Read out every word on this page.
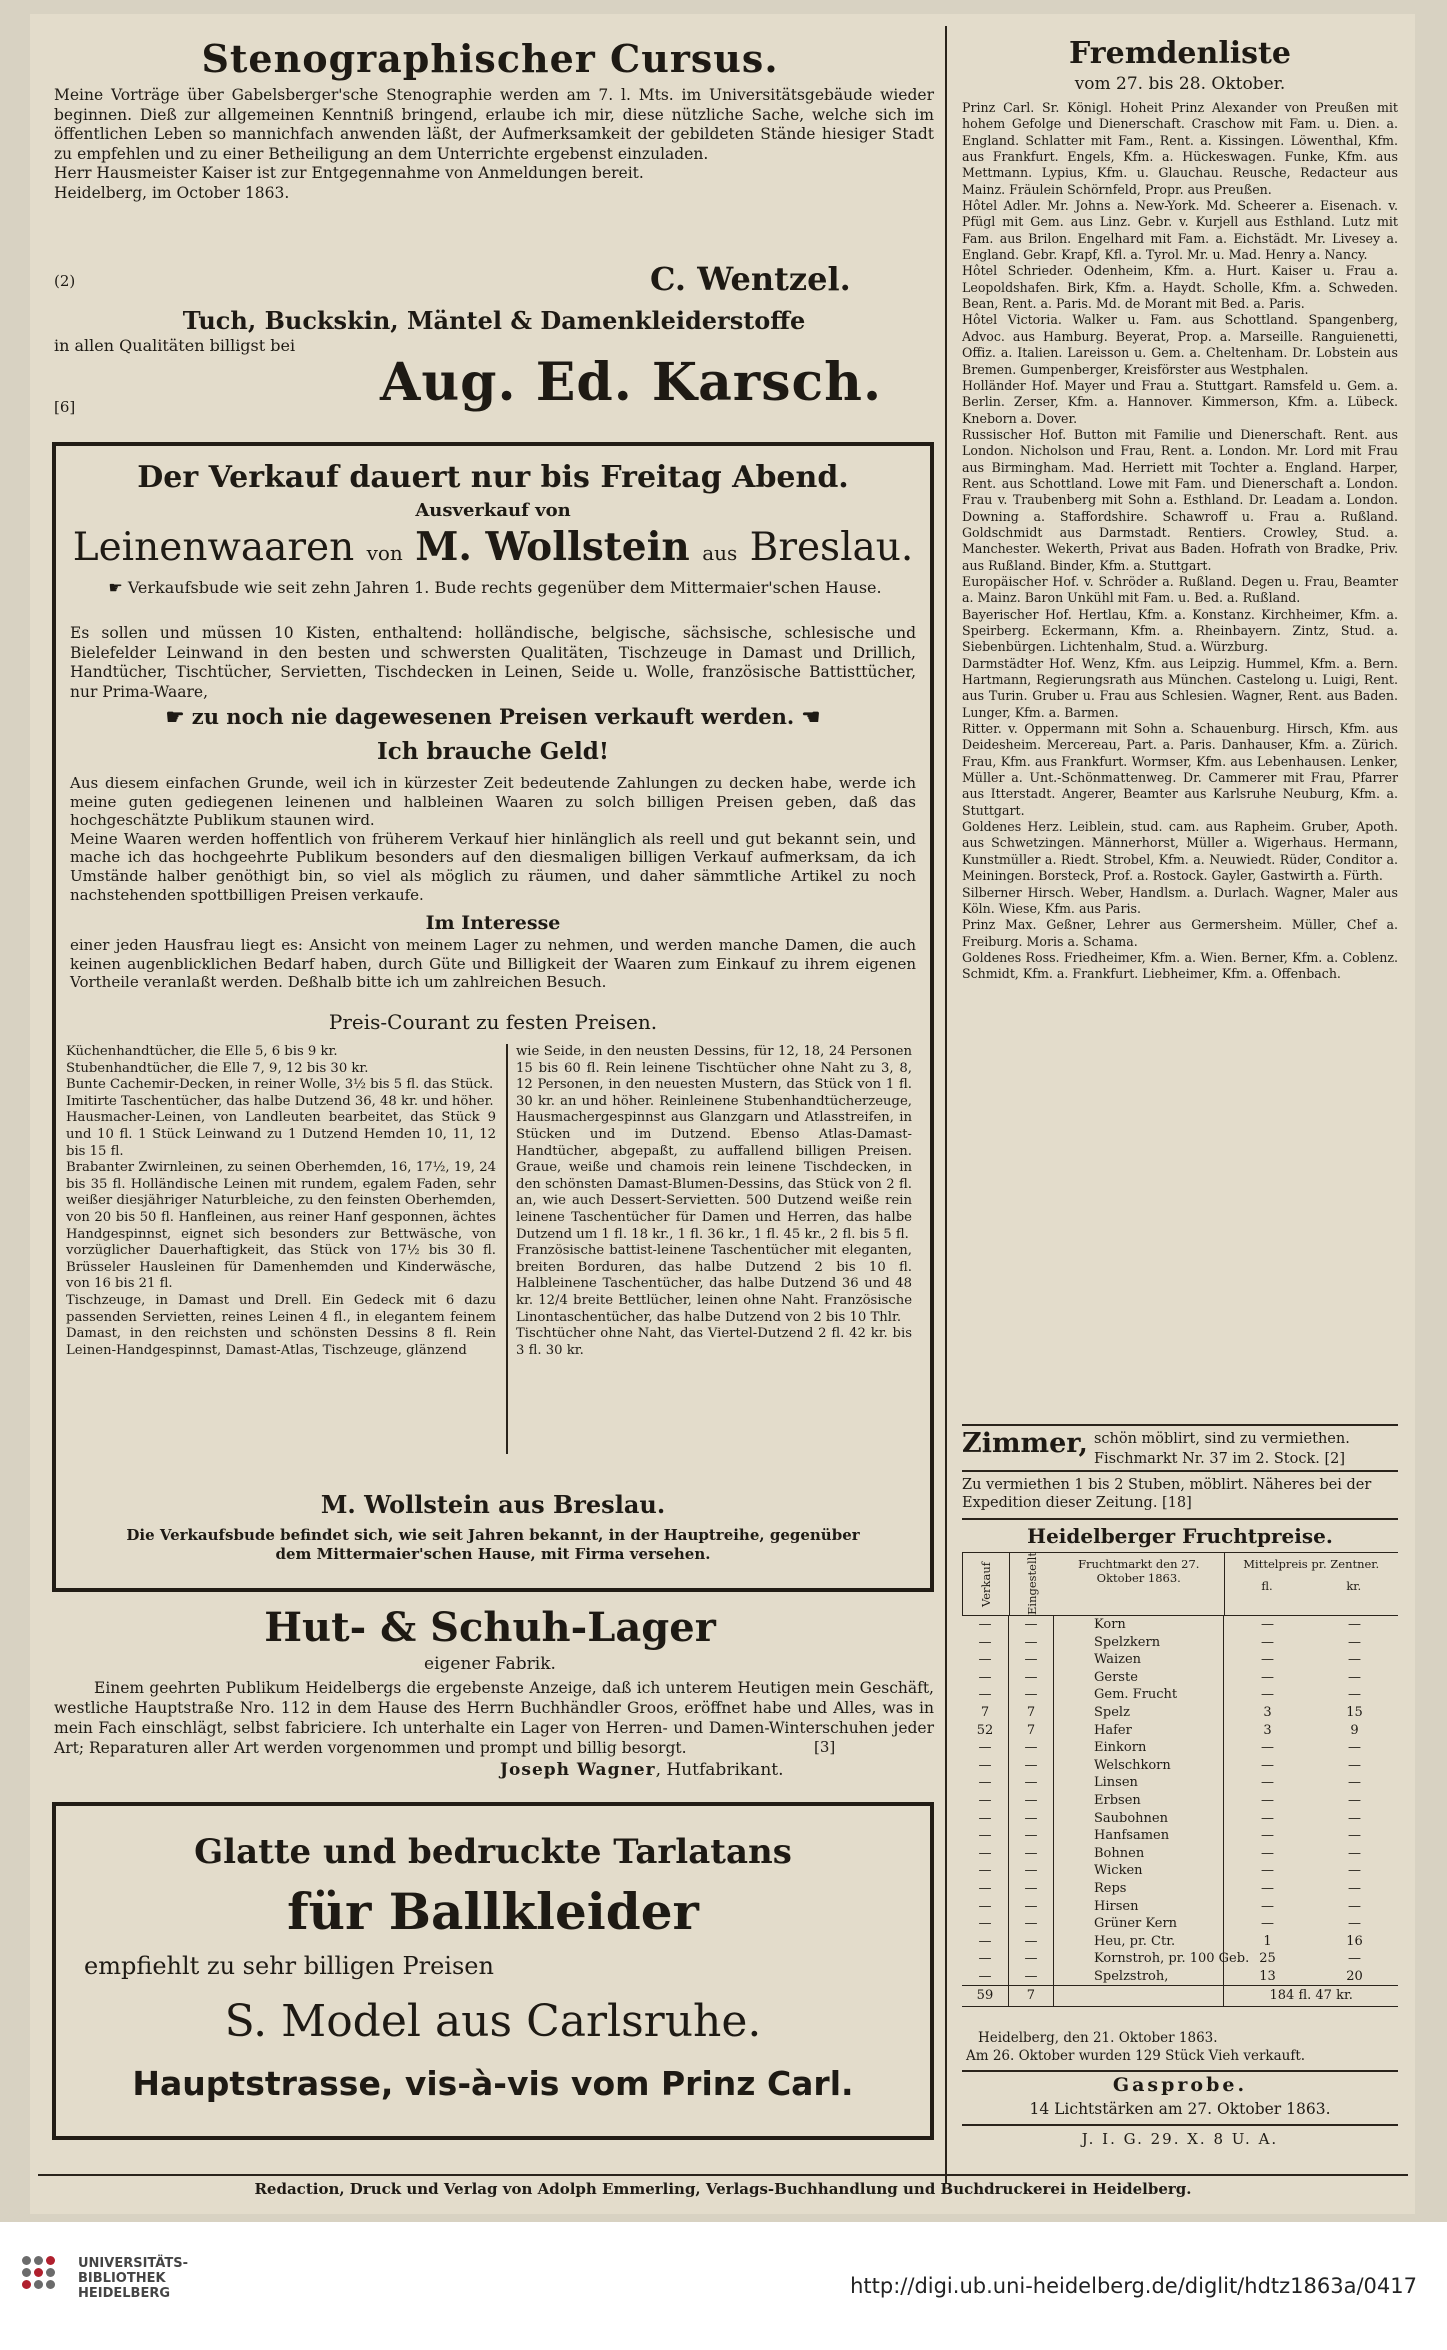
Stenographischer Cursus.

Meine Vorträge über Gabelsberger'sche Stenographie werden am 7. l. Mts. im Universitätsgebäude wieder beginnen. Dieß zur allgemeinen Kenntniß bringend, erlaube ich mir, diese nützliche Sache, welche sich im öffentlichen Leben so mannichfach anwenden läßt, der Aufmerksamkeit der gebildeten Stände hiesiger Stadt zu empfehlen und zu einer Betheiligung an dem Unterrichte ergebenst einzuladen.
Herr Hausmeister Kaiser ist zur Entgegennahme von Anmeldungen bereit.
Heidelberg, im October 1863.

(2)	C. Wentzel.
Tuch, Buckskin, Mäntel & Damenkleiderstoffe
in allen Qualitäten billigst bei
[6]	Aug. Ed. Karsch.
Der Verkauf dauert nur bis Freitag Abend.
Ausverkauf von
Leinenwaaren von M. Wollstein aus Breslau.

☛ Verkaufsbude wie seit zehn Jahren 1. Bude rechts gegenüber dem Mittermaier'schen Hause.

Es sollen und müssen 10 Kisten, enthaltend: holländische, belgische, sächsische, schlesische und Bielefelder Leinwand in den besten und schwersten Qualitäten, Tischzeuge in Damast und Drillich, Handtücher, Tischtücher, Servietten, Tischdecken in Leinen, Seide u. Wolle, französische Battisttücher, nur Prima-Waare,

☛ zu noch nie dagewesenen Preisen verkauft werden. ☚
Ich brauche Geld!

Aus diesem einfachen Grunde, weil ich in kürzester Zeit bedeutende Zahlungen zu decken habe, werde ich meine guten gediegenen leinenen und halbleinen Waaren zu solch billigen Preisen geben, daß das hochgeschätzte Publikum staunen wird.
Meine Waaren werden hoffentlich von früherem Verkauf hier hinlänglich als reell und gut bekannt sein, und mache ich das hochgeehrte Publikum besonders auf den diesmaligen billigen Verkauf aufmerksam, da ich Umstände halber genöthigt bin, so viel als möglich zu räumen, und daher sämmtliche Artikel zu noch nachstehenden spottbilligen Preisen verkaufe.

Im Interesse

einer jeden Hausfrau liegt es: Ansicht von meinem Lager zu nehmen, und werden manche Damen, die auch keinen augenblicklichen Bedarf haben, durch Güte und Billigkeit der Waaren zum Einkauf zu ihrem eigenen Vortheile veranlaßt werden. Deßhalb bitte ich um zahlreichen Besuch.

Preis-Courant zu festen Preisen.

Küchenhandtücher, die Elle 5, 6 bis 9 kr.
Stubenhandtücher, die Elle 7, 9, 12 bis 30 kr.
Bunte Cachemir-Decken, in reiner Wolle, 3½ bis 5 fl. das Stück.
Imitirte Taschentücher, das halbe Dutzend 36, 48 kr. und höher.
Hausmacher-Leinen, von Landleuten bearbeitet, das Stück 9 und 10 fl. 1 Stück Leinwand zu 1 Dutzend Hemden 10, 11, 12 bis 15 fl.
Brabanter Zwirnleinen, zu seinen Oberhemden, 16, 17½, 19, 24 bis 35 fl. Holländische Leinen mit rundem, egalem Faden, sehr weißer diesjähriger Naturbleiche, zu den feinsten Oberhemden, von 20 bis 50 fl. Hanfleinen, aus reiner Hanf gesponnen, ächtes Handgespinnst, eignet sich besonders zur Bettwäsche, von vorzüglicher Dauerhaftigkeit, das Stück von 17½ bis 30 fl. Brüsseler Hausleinen für Damenhemden und Kinderwäsche, von 16 bis 21 fl.
Tischzeuge, in Damast und Drell. Ein Gedeck mit 6 dazu passenden Servietten, reines Leinen 4 fl., in elegantem feinem Damast, in den reichsten und schönsten Dessins 8 fl. Rein Leinen-Handgespinnst, Damast-Atlas, Tischzeuge, glänzend

wie Seide, in den neusten Dessins, für 12, 18, 24 Personen 15 bis 60 fl. Rein leinene Tischtücher ohne Naht zu 3, 8, 12 Personen, in den neuesten Mustern, das Stück von 1 fl. 30 kr. an und höher. Reinleinene Stubenhandtücherzeuge, Hausmachergespinnst aus Glanzgarn und Atlasstreifen, in Stücken und im Dutzend. Ebenso Atlas-Damast-Handtücher, abgepaßt, zu auffallend billigen Preisen. Graue, weiße und chamois rein leinene Tischdecken, in den schönsten Damast-Blumen-Dessins, das Stück von 2 fl. an, wie auch Dessert-Servietten. 500 Dutzend weiße rein leinene Taschentücher für Damen und Herren, das halbe Dutzend um 1 fl. 18 kr., 1 fl. 36 kr., 1 fl. 45 kr., 2 fl. bis 5 fl.
Französische battist-leinene Taschentücher mit eleganten, breiten Borduren, das halbe Dutzend 2 bis 10 fl. Halbleinene Taschentücher, das halbe Dutzend 36 und 48 kr. 12/4 breite Bettlücher, leinen ohne Naht. Französische Linontaschentücher, das halbe Dutzend von 2 bis 10 Thlr.
Tischtücher ohne Naht, das Viertel-Dutzend 2 fl. 42 kr. bis 3 fl. 30 kr.

M. Wollstein aus Breslau.

Die Verkaufsbude befindet sich, wie seit Jahren bekannt, in der Hauptreihe, gegenüber dem Mittermaier'schen Hause, mit Firma versehen.

Hut- & Schuh-Lager
eigener Fabrik.

Einem geehrten Publikum Heidelbergs die ergebenste Anzeige, daß ich unterem Heutigen mein Geschäft, westliche Hauptstraße Nro. 112 in dem Hause des Herrn Buchhändler Groos, eröffnet habe und Alles, was in mein Fach einschlägt, selbst fabriciere. Ich unterhalte ein Lager von Herren- und Damen-Winterschuhen jeder Art; Reparaturen aller Art werden vorgenommen und prompt und billig besorgt.	[3]
Joseph Wagner, Hutfabrikant.
Glatte und bedruckte Tarlatans
für Ballkleider
empfiehlt zu sehr billigen Preisen
S. Model aus Carlsruhe.
Hauptstrasse, vis-à-vis vom Prinz Carl.
Fremdenliste
vom 27. bis 28. Oktober.

Prinz Carl. Sr. Königl. Hoheit Prinz Alexander von Preußen mit hohem Gefolge und Dienerschaft. Craschow mit Fam. u. Dien. a. England. Schlatter mit Fam., Rent. a. Kissingen. Löwenthal, Kfm. aus Frankfurt. Engels, Kfm. a. Hückeswagen. Funke, Kfm. aus Mettmann. Lypius, Kfm. u. Glauchau. Reusche, Redacteur aus Mainz. Fräulein Schörnfeld, Propr. aus Preußen.
Hôtel Adler. Mr. Johns a. New-York. Md. Scheerer a. Eisenach. v. Pfügl mit Gem. aus Linz. Gebr. v. Kurjell aus Esthland. Lutz mit Fam. aus Brilon. Engelhard mit Fam. a. Eichstädt. Mr. Livesey a. England. Gebr. Krapf, Kfl. a. Tyrol. Mr. u. Mad. Henry a. Nancy.
Hôtel Schrieder. Odenheim, Kfm. a. Hurt. Kaiser u. Frau a. Leopoldshafen. Birk, Kfm. a. Haydt. Scholle, Kfm. a. Schweden. Bean, Rent. a. Paris. Md. de Morant mit Bed. a. Paris.
Hôtel Victoria. Walker u. Fam. aus Schottland. Spangenberg, Advoc. aus Hamburg. Beyerat, Prop. a. Marseille. Ranguienetti, Offiz. a. Italien. Lareisson u. Gem. a. Cheltenham. Dr. Lobstein aus Bremen. Gumpenberger, Kreisförster aus Westphalen.
Holländer Hof. Mayer und Frau a. Stuttgart. Ramsfeld u. Gem. a. Berlin. Zerser, Kfm. a. Hannover. Kimmerson, Kfm. a. Lübeck. Kneborn a. Dover.
Russischer Hof. Button mit Familie und Dienerschaft. Rent. aus London. Nicholson und Frau, Rent. a. London. Mr. Lord mit Frau aus Birmingham. Mad. Herriett mit Tochter a. England. Harper, Rent. aus Schottland. Lowe mit Fam. und Dienerschaft a. London. Frau v. Traubenberg mit Sohn a. Esthland. Dr. Leadam a. London. Downing a. Staffordshire. Schawroff u. Frau a. Rußland. Goldschmidt aus Darmstadt. Rentiers. Crowley, Stud. a. Manchester. Wekerth, Privat aus Baden. Hofrath von Bradke, Priv. aus Rußland. Binder, Kfm. a. Stuttgart.
Europäischer Hof. v. Schröder a. Rußland. Degen u. Frau, Beamter a. Mainz. Baron Unkühl mit Fam. u. Bed. a. Rußland.
Bayerischer Hof. Hertlau, Kfm. a. Konstanz. Kirchheimer, Kfm. a. Speirberg. Eckermann, Kfm. a. Rheinbayern. Zintz, Stud. a. Siebenbürgen. Lichtenhalm, Stud. a. Würzburg.
Darmstädter Hof. Wenz, Kfm. aus Leipzig. Hummel, Kfm. a. Bern. Hartmann, Regierungsrath aus München. Castelong u. Luigi, Rent. aus Turin. Gruber u. Frau aus Schlesien. Wagner, Rent. aus Baden. Lunger, Kfm. a. Barmen.
Ritter. v. Oppermann mit Sohn a. Schauenburg. Hirsch, Kfm. aus Deidesheim. Mercereau, Part. a. Paris. Danhauser, Kfm. a. Zürich. Frau, Kfm. aus Frankfurt. Wormser, Kfm. aus Lebenhausen. Lenker, Müller a. Unt.-Schönmattenweg. Dr. Cammerer mit Frau, Pfarrer aus Itterstadt. Angerer, Beamter aus Karlsruhe Neuburg, Kfm. a. Stuttgart.
Goldenes Herz. Leiblein, stud. cam. aus Rapheim. Gruber, Apoth. aus Schwetzingen. Männerhorst, Müller a. Wigerhaus. Hermann, Kunstmüller a. Riedt. Strobel, Kfm. a. Neuwiedt. Rüder, Conditor a. Meiningen. Borsteck, Prof. a. Rostock. Gayler, Gastwirth a. Fürth.
Silberner Hirsch. Weber, Handlsm. a. Durlach. Wagner, Maler aus Köln. Wiese, Kfm. aus Paris.
Prinz Max. Geßner, Lehrer aus Germersheim. Müller, Chef a. Freiburg. Moris a. Schama.
Goldenes Ross. Friedheimer, Kfm. a. Wien. Berner, Kfm. a. Coblenz. Schmidt, Kfm. a. Frankfurt. Liebheimer, Kfm. a. Offenbach.

Zimmer, schön möblirt, sind zu vermiethen. Fischmarkt Nr. 37 im 2. Stock. [2]

Zu vermiethen 1 bis 2 Stuben, möblirt. Näheres bei der Expedition dieser Zeitung. [18]

Heidelberger Fruchtpreise.
Verkauf	Eingestellt	Fruchtmarkt den 27. Oktober 1863.
Mittelpreis pr. Zentner.
fl.	kr.
—	—	Korn	—	—
—	—	Spelzkern	—	—
—	—	Waizen	—	—
—	—	Gerste	—	—
—	—	Gem. Frucht	—	—
7	7	Spelz	3	15
52	7	Hafer	3	9
—	—	Einkorn	—	—
—	—	Welschkorn	—	—
—	—	Linsen	—	—
—	—	Erbsen	—	—
—	—	Saubohnen	—	—
—	—	Hanfsamen	—	—
—	—	Bohnen	—	—
—	—	Wicken	—	—
—	—	Reps	—	—
—	—	Hirsen	—	—
—	—	Grüner Kern	—	—
—	—	Heu, pr. Ctr.	1	16
—	—	Kornstroh, pr. 100 Geb. 25	—
—	—	Spelzstroh,	13	20
59	7	184 fl. 47 kr.
Heidelberg, den 21. Oktober 1863.
Am 26. Oktober wurden 129 Stück Vieh verkauft.
Gasprobe.
14 Lichtstärken am 27. Oktober 1863.
J. I. G. 29. X. 8 U. A.
Redaction, Druck und Verlag von Adolph Emmerling, Verlags-Buchhandlung und Buchdruckerei in Heidelberg.
UNIVERSITÄTS-
BIBLIOTHEK
HEIDELBERG	http://digi.ub.uni-heidelberg.de/diglit/hdtz1863a/0417
